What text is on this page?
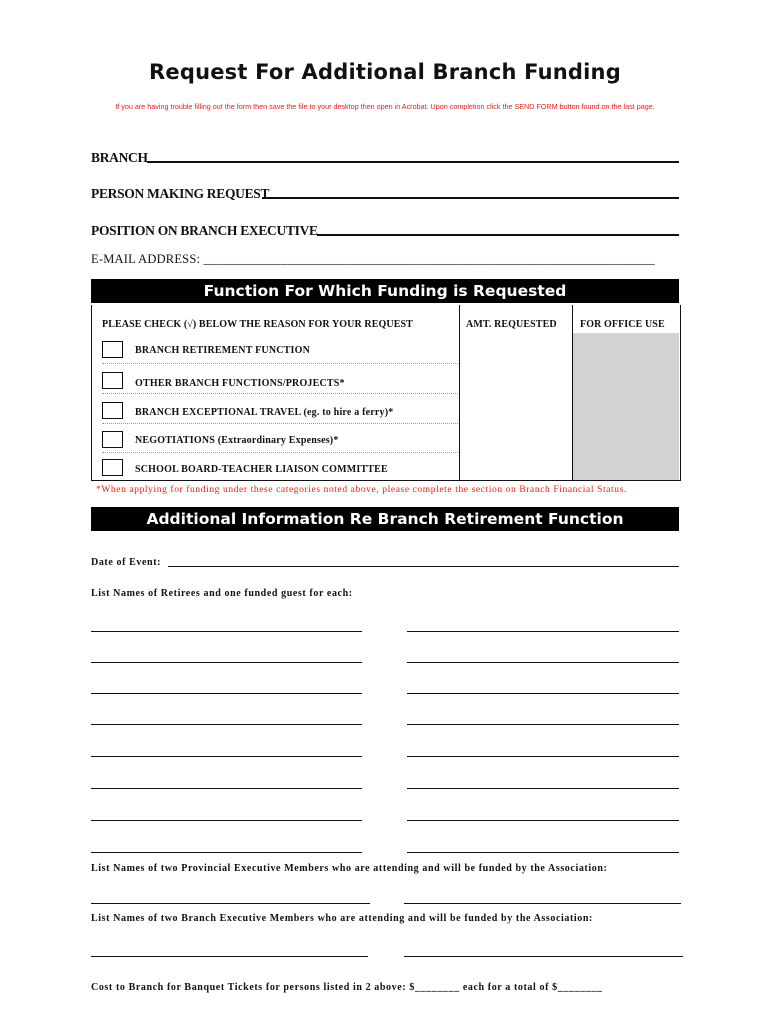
Request For Additional Branch Funding
If you are having trouble filling out the form then save the file to your desktop then open in Acrobat. Upon completion click the SEND FORM button found on the last page.
BRANCH
PERSON MAKING REQUEST
POSITION ON BRANCH EXECUTIVE
E-MAIL ADDRESS: ______________________________________________________________________
Function For Which Funding is Requested
PLEASE CHECK (√) BELOW THE REASON FOR YOUR REQUEST	AMT. REQUESTED FOR OFFICE USE
BRANCH RETIREMENT FUNCTION
OTHER BRANCH FUNCTIONS/PROJECTS*
BRANCH EXCEPTIONAL TRAVEL (eg. to hire a ferry)*
NEGOTIATIONS (Extraordinary Expenses)*
SCHOOL BOARD-TEACHER LIAISON COMMITTEE
*When applying for funding under these categories noted above, please complete the section on Branch Financial Status.
Additional Information Re Branch Retirement Function
Date of Event:
List Names of Retirees and one funded guest for each:
List Names of two Provincial Executive Members who are attending and will be funded by the Association:
List Names of two Branch Executive Members who are attending and will be funded by the Association:
Cost to Branch for Banquet Tickets for persons listed in 2 above: $________ each for a total of $________
